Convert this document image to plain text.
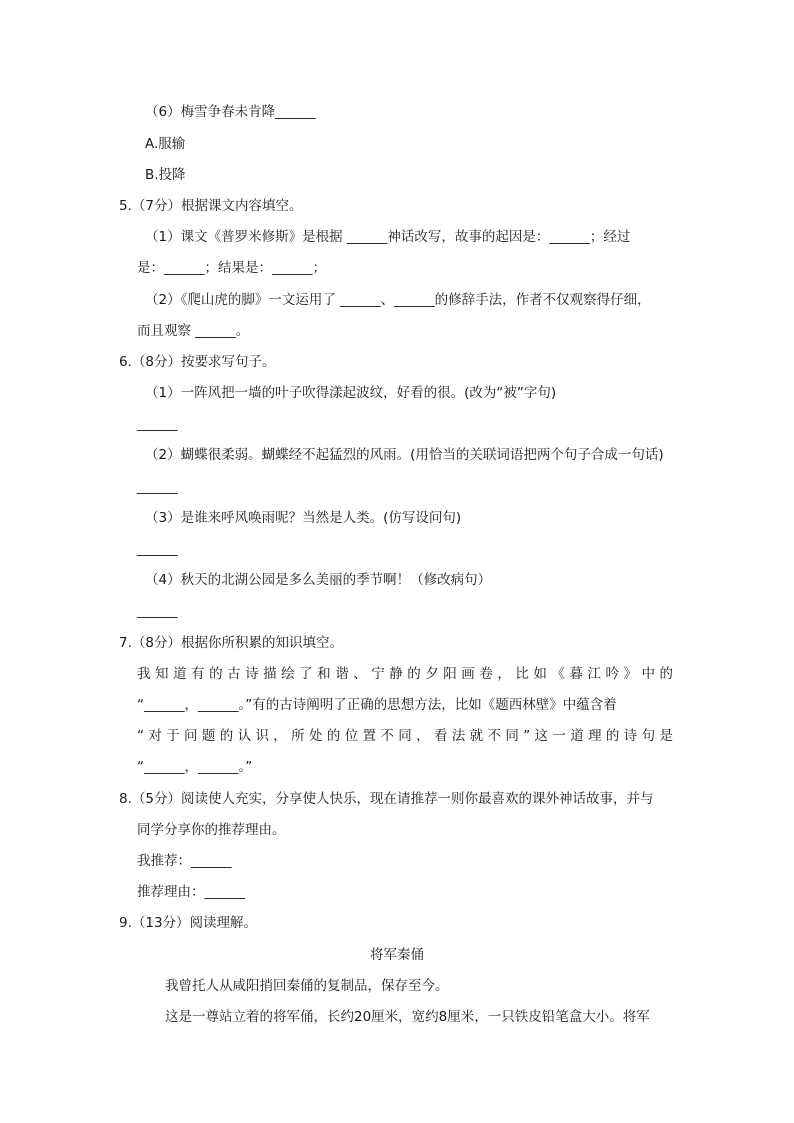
（6）梅雪争春未肯降______
A.服输
B.投降
5.（7分）根据课文内容填空。
（1）课文《普罗米修斯》是根据 ______神话改写，故事的起因是：______；经过
是：______；结果是：______；
（2）《爬山虎的脚》一文运用了 ______、______的修辞手法，作者不仅观察得仔细，
而且观察 ______。
6.（8分）按要求写句子。
（1）一阵风把一墙的叶子吹得漾起波纹，好看的很。(改为“被”字句)
______
（2）蝴蝶很柔弱。蝴蝶经不起猛烈的风雨。(用恰当的关联词语把两个句子合成一句话)
______
（3）是谁来呼风唤雨呢？当然是人类。(仿写设问句)
______
（4）秋天的北湖公园是多么美丽的季节啊！（修改病句）
______
7.（8分）根据你所积累的知识填空。
我知道有的古诗描绘了和谐、宁静的夕阳画卷，比如《暮江吟》中的
“______，______。”有的古诗阐明了正确的思想方法，比如《题西林壁》中蕴含着
“对于问题的认识，所处的位置不同，看法就不同”这一道理的诗句是
“______，______。”
8.（5分）阅读使人充实，分享使人快乐，现在请推荐一则你最喜欢的课外神话故事，并与
同学分享你的推荐理由。
我推荐：______
推荐理由：______
9.（13分）阅读理解。
将军秦俑
我曾托人从咸阳捎回秦俑的复制品，保存至今。
这是一尊站立着的将军俑，长约20厘米，宽约8厘米，一只铁皮铅笔盒大小。将军
